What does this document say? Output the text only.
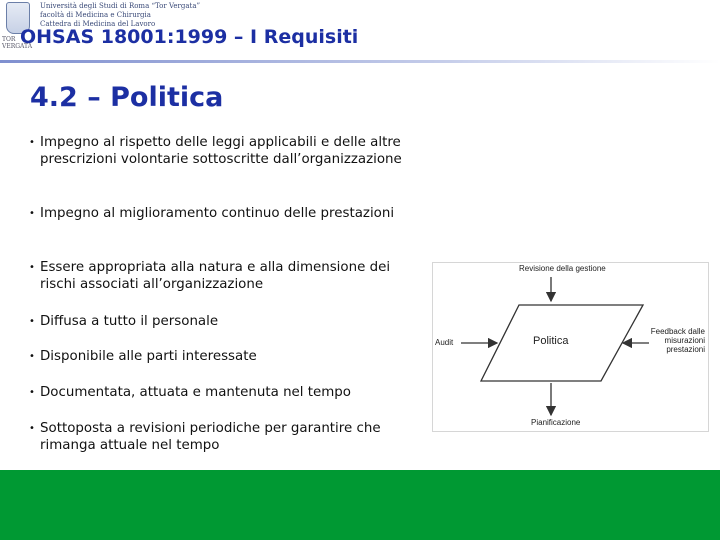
TOR VERGATA
Università degli Studi di Roma “Tor Vergata”
facoltà di Medicina e Chirurgia
Cattedra di Medicina del Lavoro
OHSAS 18001:1999 – I Requisiti
4.2 – Politica
• Impegno al rispetto delle leggi applicabili e delle altre prescrizioni volontarie sottoscritte dall’organizzazione
• Impegno al miglioramento continuo delle prestazioni
• Essere appropriata alla natura e alla dimensione dei rischi associati all’organizzazione
• Diffusa a tutto il personale
• Disponibile alle parti interessate
• Documentata, attuata e mantenuta nel tempo
• Sottoposta a revisioni periodiche per garantire che rimanga attuale nel tempo
Revisione della gestione
Audit	Politica
Feedback dalle misurazioni prestazioni
Pianificazione
